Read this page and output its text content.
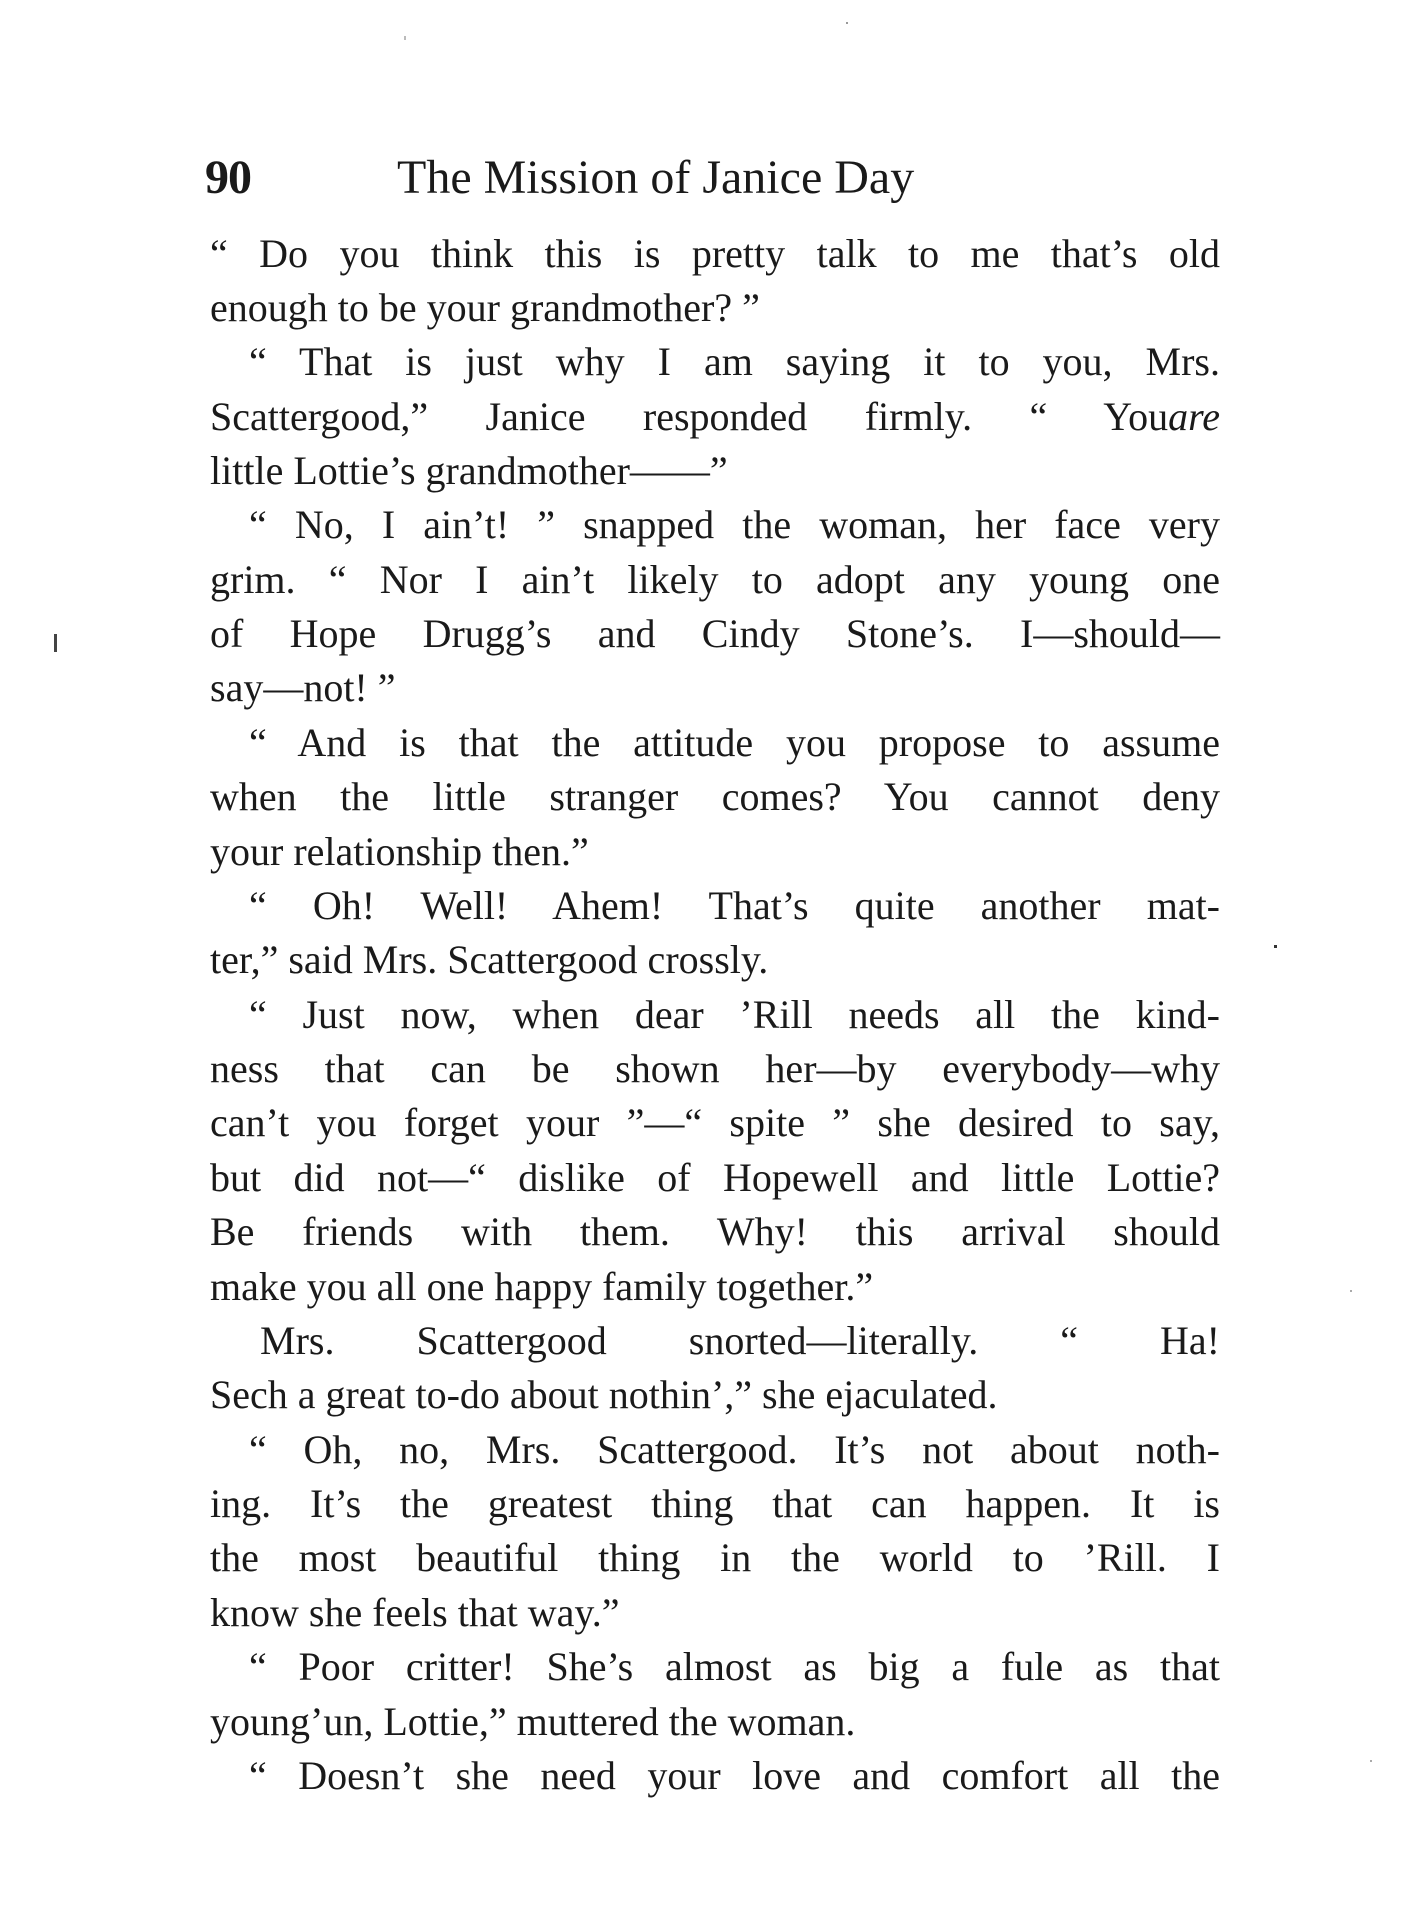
90	The Mission of Janice Day
“ Do you think this is pretty talk to me that’s old
enough to be your grandmother? ”
“ That is just why I am saying it to you, Mrs.
Scattergood,” Janice responded firmly. “ Youare
little Lottie’s grandmother——”
“ No, I ain’t! ” snapped the woman, her face very
grim. “ Nor I ain’t likely to adopt any young one
of Hope Drugg’s and Cindy Stone’s. I—should—
say—not! ”
“ And is that the attitude you propose to assume
when the little stranger comes? You cannot deny
your relationship then.”
“ Oh! Well! Ahem! That’s quite another mat-
ter,” said Mrs. Scattergood crossly.
“ Just now, when dear ’Rill needs all the kind-
ness that can be shown her—by everybody—why
can’t you forget your ”—“ spite ” she desired to say,
but did not—“ dislike of Hopewell and little Lottie?
Be friends with them. Why! this arrival should
make you all one happy family together.”
Mrs. Scattergood snorted—literally. “ Ha!
Sech a great to-do about nothin’,” she ejaculated.
“ Oh, no, Mrs. Scattergood. It’s not about noth-
ing. It’s the greatest thing that can happen. It is
the most beautiful thing in the world to ’Rill. I
know she feels that way.”
“ Poor critter! She’s almost as big a fule as that
young’un, Lottie,” muttered the woman.
“ Doesn’t she need your love and comfort all the
